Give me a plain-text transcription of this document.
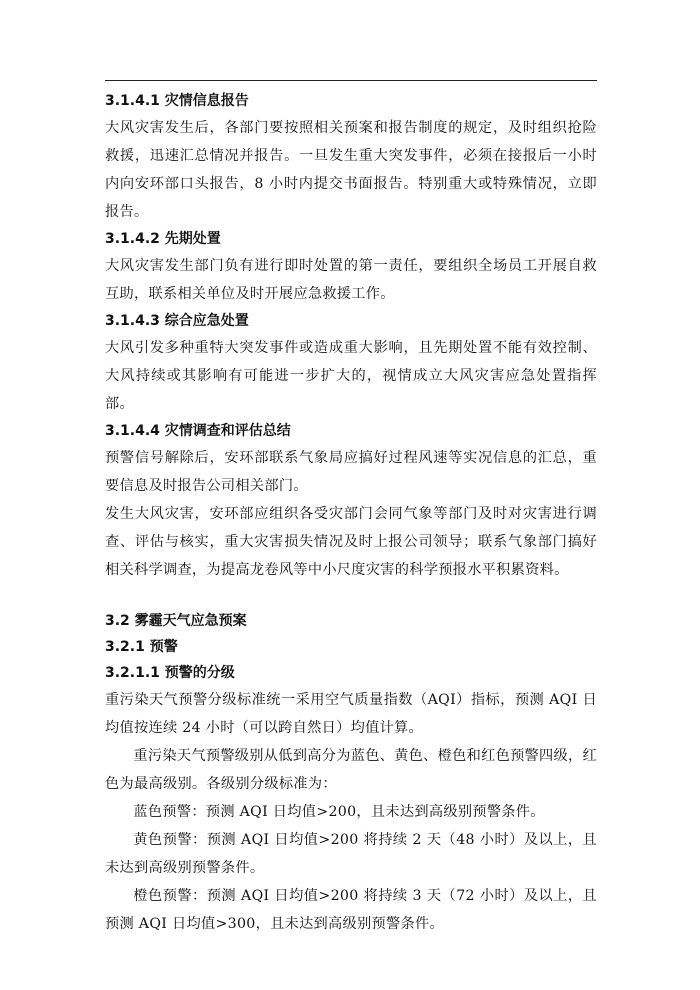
3.1.4.1 灾情信息报告
大风灾害发生后，各部门要按照相关预案和报告制度的规定，及时组织抢险救援，迅速汇总情况并报告。一旦发生重大突发事件，必须在接报后一小时内向安环部口头报告，8 小时内提交书面报告。特别重大或特殊情况，立即报告。
3.1.4.2 先期处置
大风灾害发生部门负有进行即时处置的第一责任，要组织全场员工开展自救互助，联系相关单位及时开展应急救援工作。
3.1.4.3 综合应急处置
大风引发多种重特大突发事件或造成重大影响，且先期处置不能有效控制、大风持续或其影响有可能进一步扩大的，视情成立大风灾害应急处置指挥部。
3.1.4.4 灾情调查和评估总结
预警信号解除后，安环部联系气象局应搞好过程风速等实况信息的汇总，重要信息及时报告公司相关部门。
发生大风灾害，安环部应组织各受灾部门会同气象等部门及时对灾害进行调查、评估与核实，重大灾害损失情况及时上报公司领导；联系气象部门搞好相关科学调查，为提高龙卷风等中小尺度灾害的科学预报水平积累资料。
3.2 雾霾天气应急预案
3.2.1 预警
3.2.1.1 预警的分级
重污染天气预警分级标准统一采用空气质量指数（AQI）指标，预测 AQI 日均值按连续 24 小时（可以跨自然日）均值计算。
重污染天气预警级别从低到高分为蓝色、黄色、橙色和红色预警四级，红色为最高级别。各级别分级标准为：
蓝色预警：预测 AQI 日均值>200，且未达到高级别预警条件。
黄色预警：预测 AQI 日均值>200 将持续 2 天（48 小时）及以上，且未达到高级别预警条件。
橙色预警：预测 AQI 日均值>200 将持续 3 天（72 小时）及以上，且预测 AQI 日均值>300，且未达到高级别预警条件。
